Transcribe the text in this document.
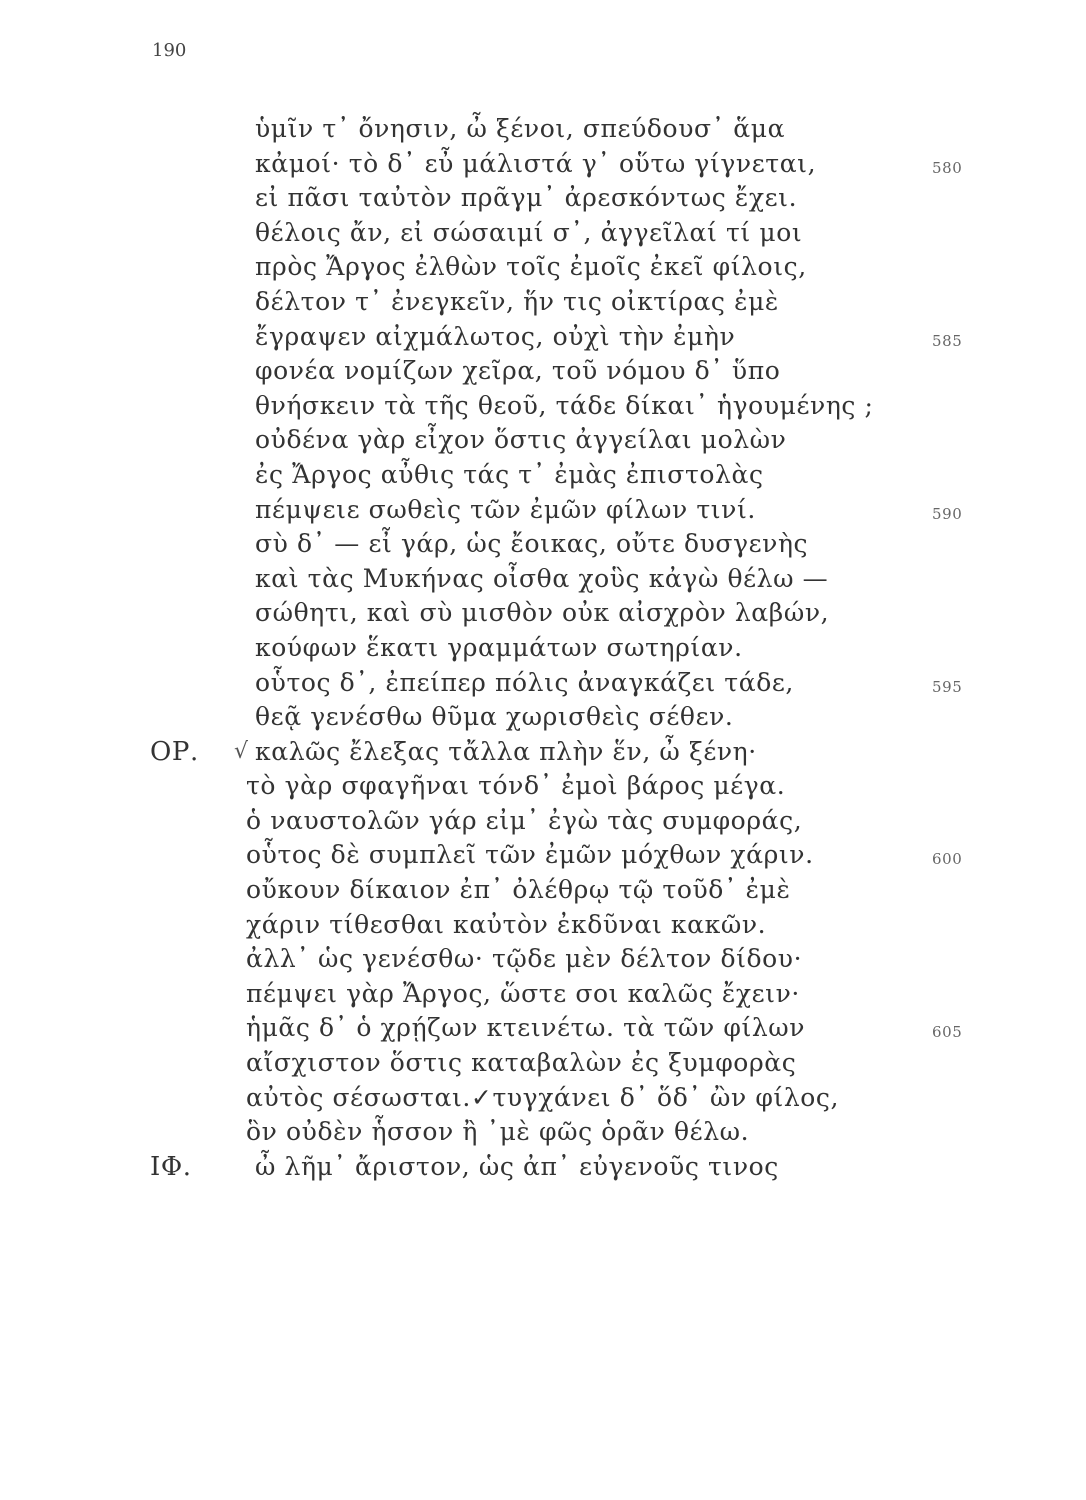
190
ὑμῖν τ᾽ ὄνησιν, ὦ ξένοι, σπεύδουσ᾽ ἅμα
κἀμοί· τὸ δ᾽ εὖ μάλιστά γ᾽ οὕτω γίγνεται,	580
εἰ πᾶσι ταὐτὸν πρᾶγμ᾽ ἀρεσκόντως ἔχει.
θέλοις ἄν, εἰ σώσαιμί σ᾽, ἀγγεῖλαί τί μοι
πρὸς Ἄργος ἐλθὼν τοῖς ἐμοῖς ἐκεῖ φίλοις,
δέλτον τ᾽ ἐνεγκεῖν, ἥν τις οἰκτίρας ἐμὲ
ἔγραψεν αἰχμάλωτος, οὐχὶ τὴν ἐμὴν	585
φονέα νομίζων χεῖρα, τοῦ νόμου δ᾽ ὕπο
θνήσκειν τὰ τῆς θεοῦ, τάδε δίκαι᾽ ἡγουμένης ;
οὐδένα γὰρ εἶχον ὅστις ἀγγείλαι μολὼν
ἐς Ἄργος αὖθις τάς τ᾽ ἐμὰς ἐπιστολὰς
πέμψειε σωθεὶς τῶν ἐμῶν φίλων τινί.	590
σὺ δ᾽ — εἶ γάρ, ὡς ἔοικας, οὔτε δυσγενὴς
καὶ τὰς Μυκήνας οἶσθα χοὓς κἀγὼ θέλω —
σώθητι, καὶ σὺ μισθὸν οὐκ αἰσχρὸν λαβών,
κούφων ἕκατι γραμμάτων σωτηρίαν.
οὗτος δ᾽, ἐπείπερ πόλις ἀναγκάζει τάδε,	595
θεᾷ γενέσθω θῦμα χωρισθεὶς σέθεν.
ΟΡ. √ καλῶς ἔλεξας τἄλλα πλὴν ἕν, ὦ ξένη·
τὸ γὰρ σφαγῆναι τόνδ᾽ ἐμοὶ βάρος μέγα.
ὁ ναυστολῶν γάρ εἰμ᾽ ἐγὼ τὰς συμφοράς,
οὗτος δὲ συμπλεῖ τῶν ἐμῶν μόχθων χάριν.	600
οὔκουν δίκαιον ἐπ᾽ ὀλέθρῳ τῷ τοῦδ᾽ ἐμὲ
χάριν τίθεσθαι καὐτὸν ἐκδῦναι κακῶν.
ἀλλ᾽ ὡς γενέσθω· τῷδε μὲν δέλτον δίδου·
πέμψει γὰρ Ἄργος, ὥστε σοι καλῶς ἔχειν·
ἡμᾶς δ᾽ ὁ χρῄζων κτεινέτω. τὰ τῶν φίλων	605
αἴσχιστον ὅστις καταβαλὼν ἐς ξυμφορὰς
αὐτὸς σέσωσται.✓τυγχάνει δ᾽ ὅδ᾽ ὢν φίλος,
ὃν οὐδὲν ἧσσον ἢ ᾽μὲ φῶς ὁρᾶν θέλω.
ΙΦ.	ὦ λῆμ᾽ ἄριστον, ὡς ἀπ᾽ εὐγενοῦς τινος
